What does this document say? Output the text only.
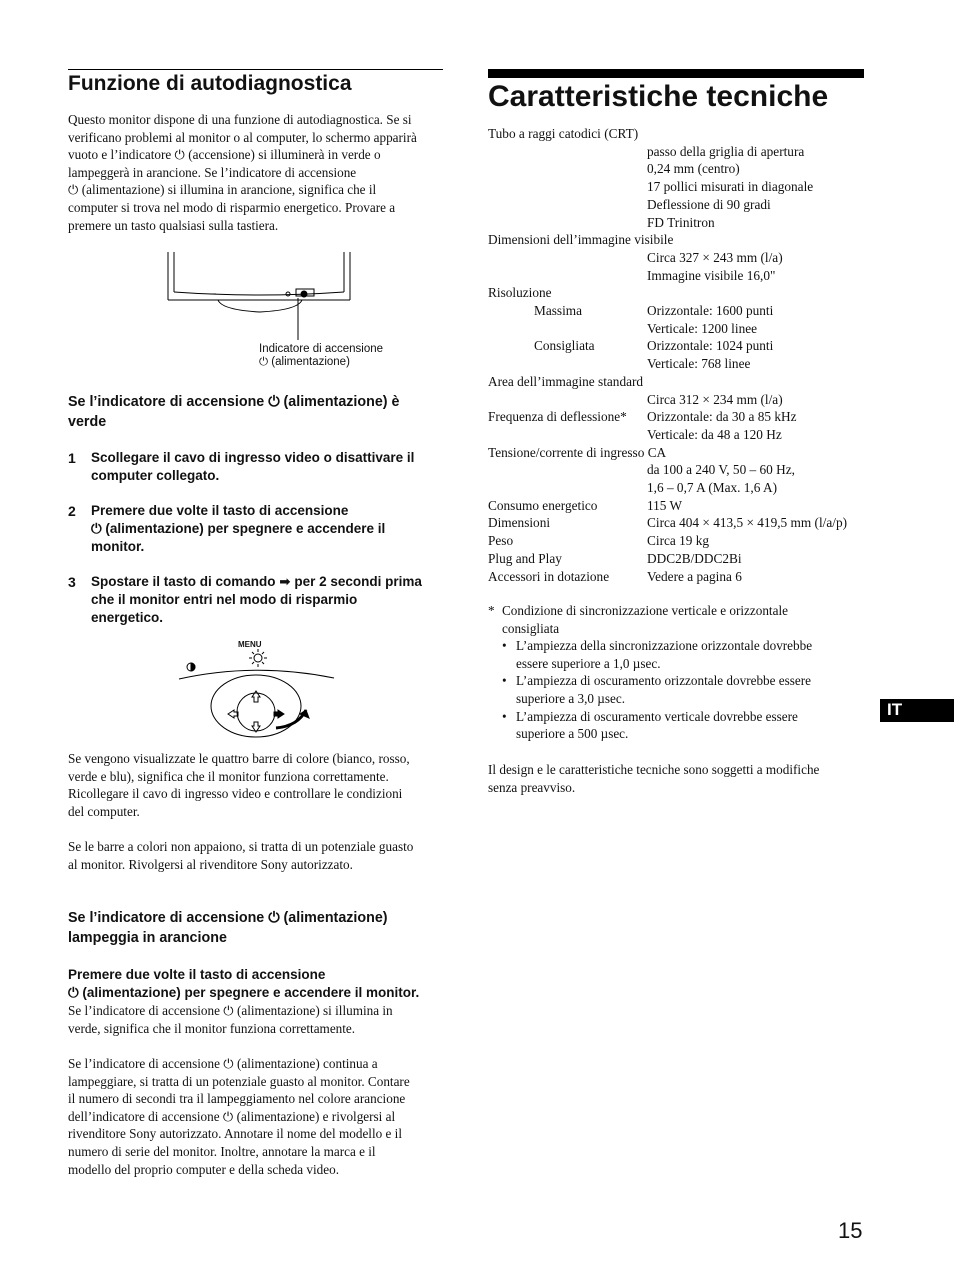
Funzione di autodiagnostica
Questo monitor dispone di una funzione di autodiagnostica. Se si
verificano problemi al monitor o al computer, lo schermo apparirà
vuoto e l’indicatore ⏻ (accensione) si illuminerà in verde o
lampeggerà in arancione. Se l’indicatore di accensione
⏻ (alimentazione) si illumina in arancione, significa che il
computer si trova nel modo di risparmio energetico. Provare a
premere un tasto qualsiasi sulla tastiera.
Indicatore di accensione
⏻ (alimentazione)
Se l’indicatore di accensione ⏻ (alimentazione) è
verde
1 Scollegare il cavo di ingresso video o disattivare il
computer collegato.
2 Premere due volte il tasto di accensione
⏻ (alimentazione) per spegnere e accendere il
monitor.
3 Spostare il tasto di comando ➡ per 2 secondi prima
che il monitor entri nel modo di risparmio
energetico.
MENU
Se vengono visualizzate le quattro barre di colore (bianco, rosso,
verde e blu), significa che il monitor funziona correttamente.
Ricollegare il cavo di ingresso video e controllare le condizioni
del computer.
Se le barre a colori non appaiono, si tratta di un potenziale guasto
al monitor. Rivolgersi al rivenditore Sony autorizzato.
Se l’indicatore di accensione ⏻ (alimentazione)
lampeggia in arancione
Premere due volte il tasto di accensione
⏻ (alimentazione) per spegnere e accendere il monitor.
Se l’indicatore di accensione ⏻ (alimentazione) si illumina in
verde, significa che il monitor funziona correttamente.
Se l’indicatore di accensione ⏻ (alimentazione) continua a
lampeggiare, si tratta di un potenziale guasto al monitor. Contare
il numero di secondi tra il lampeggiamento nel colore arancione
dell’indicatore di accensione ⏻ (alimentazione) e rivolgersi al
rivenditore Sony autorizzato. Annotare il nome del modello e il
numero di serie del monitor. Inoltre, annotare la marca e il
modello del proprio computer e della scheda video.
Caratteristiche tecniche
Tubo a raggi catodici (CRT)
passo della griglia di apertura
0,24 mm (centro)
17 pollici misurati in diagonale
Deflessione di 90 gradi
FD Trinitron
Dimensioni dell’immagine visibile
Circa 327 × 243 mm (l/a)
Immagine visibile 16,0"
Risoluzione
Massima	Orizzontale: 1600 punti
Verticale: 1200 linee
Consigliata	Orizzontale: 1024 punti
Verticale: 768 linee
Area dell’immagine standard
Circa 312 × 234 mm (l/a)
Frequenza di deflessione* Orizzontale: da 30 a 85 kHz
Verticale: da 48 a 120 Hz
Tensione/corrente di ingresso CA
da 100 a 240 V, 50 – 60 Hz,
1,6 – 0,7 A (Max. 1,6 A)
Consumo energetico	115 W
Dimensioni	Circa 404 × 413,5 × 419,5 mm (l/a/p)
Peso	Circa 19 kg
Plug and Play	DDC2B/DDC2Bi
Accessori in dotazione	Vedere a pagina 6
* Condizione di sincronizzazione verticale e orizzontale
consigliata
• L’ampiezza della sincronizzazione orizzontale dovrebbe
essere superiore a 1,0 µsec.
• L’ampiezza di oscuramento orizzontale dovrebbe essere
superiore a 3,0 µsec.
• L’ampiezza di oscuramento verticale dovrebbe essere
superiore a 500 µsec.
Il design e le caratteristiche tecniche sono soggetti a modifiche
senza preavviso.
IT
15
